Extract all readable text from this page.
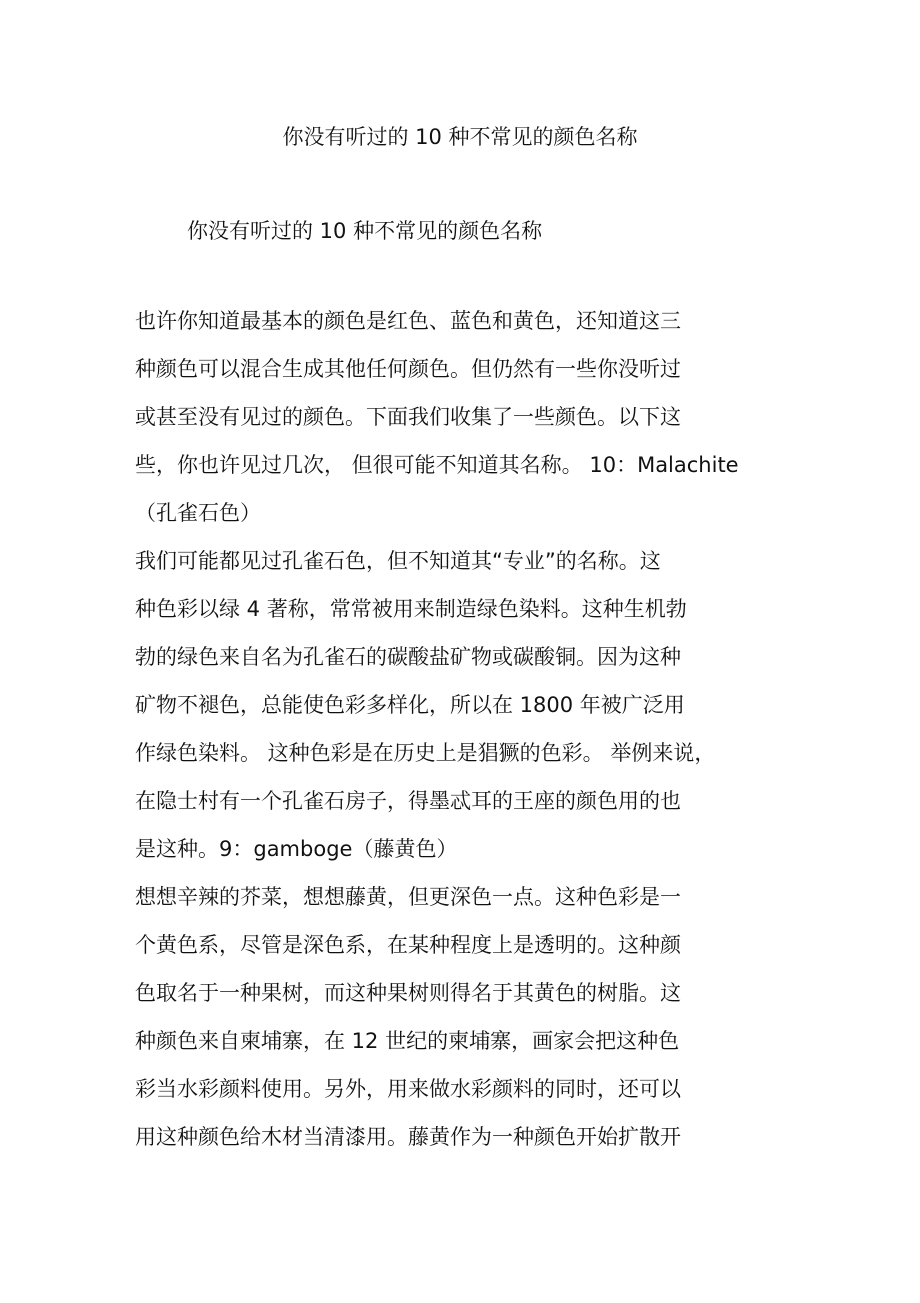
你没有听过的 10 种不常见的颜色名称
你没有听过的 10 种不常见的颜色名称
也许你知道最基本的颜色是红色、蓝色和黄色，还知道这三
种颜色可以混合生成其他任何颜色。但仍然有一些你没听过
或甚至没有见过的颜色。下面我们收集了一些颜色。以下这
些，你也许见过几次， 但很可能不知道其名称。 10：Malachite
（孔雀石色）
我们可能都见过孔雀石色，但不知道其“专业”的名称。这
种色彩以绿 4 著称，常常被用来制造绿色染料。这种生机勃
勃的绿色来自名为孔雀石的碳酸盐矿物或碳酸铜。因为这种
矿物不褪色，总能使色彩多样化，所以在 1800 年被广泛用
作绿色染料。 这种色彩是在历史上是猖獗的色彩。 举例来说，
在隐士村有一个孔雀石房子，得墨忒耳的王座的颜色用的也
是这种。9：gamboge（藤黄色）
想想辛辣的芥菜，想想藤黄，但更深色一点。这种色彩是一
个黄色系，尽管是深色系，在某种程度上是透明的。这种颜
色取名于一种果树，而这种果树则得名于其黄色的树脂。这
种颜色来自柬埔寨，在 12 世纪的柬埔寨，画家会把这种色
彩当水彩颜料使用。另外，用来做水彩颜料的同时，还可以
用这种颜色给木材当清漆用。藤黄作为一种颜色开始扩散开
